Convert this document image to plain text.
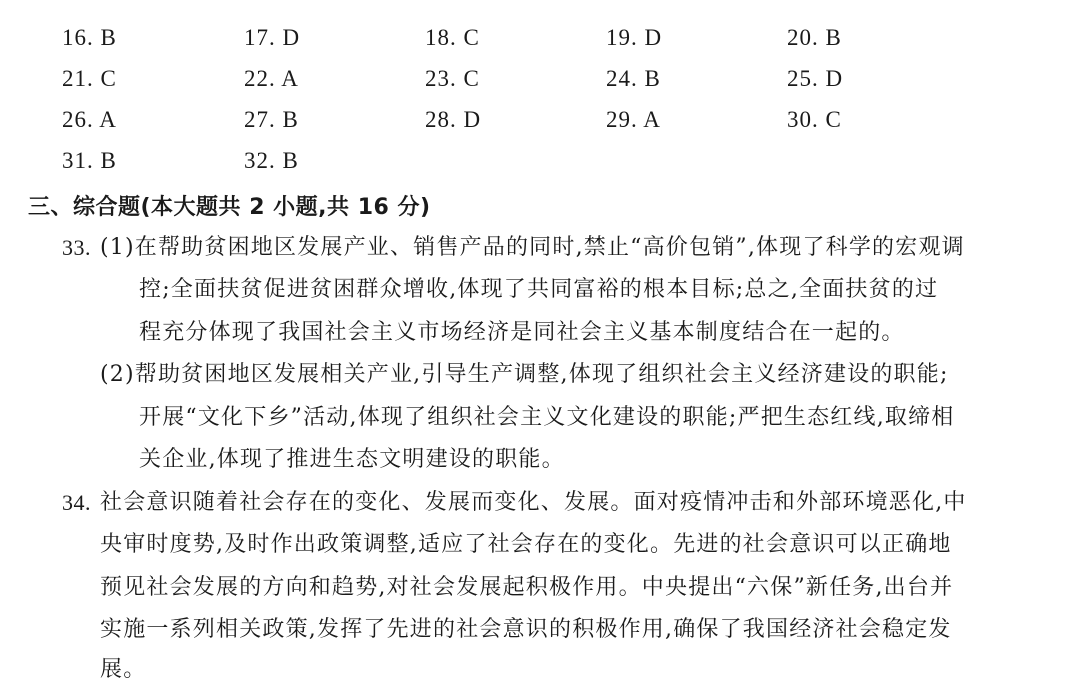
16. B	17. D	18. C	19. D	20. B
21. C	22. A	23. C	24. B	25. D
26. A	27. B	28. D	29. A	30. C
31. B	32. B
三、综合题(本大题共 2 小题,共 16 分)
33. (1)在帮助贫困地区发展产业、销售产品的同时,禁止“高价包销”,体现了科学的宏观调
控;全面扶贫促进贫困群众增收,体现了共同富裕的根本目标;总之,全面扶贫的过
程充分体现了我国社会主义市场经济是同社会主义基本制度结合在一起的。
(2)帮助贫困地区发展相关产业,引导生产调整,体现了组织社会主义经济建设的职能;
开展“文化下乡”活动,体现了组织社会主义文化建设的职能;严把生态红线,取缔相
关企业,体现了推进生态文明建设的职能。
34. 社会意识随着社会存在的变化、发展而变化、发展。面对疫情冲击和外部环境恶化,中
央审时度势,及时作出政策调整,适应了社会存在的变化。先进的社会意识可以正确地
预见社会发展的方向和趋势,对社会发展起积极作用。中央提出“六保”新任务,出台并
实施一系列相关政策,发挥了先进的社会意识的积极作用,确保了我国经济社会稳定发
展。
